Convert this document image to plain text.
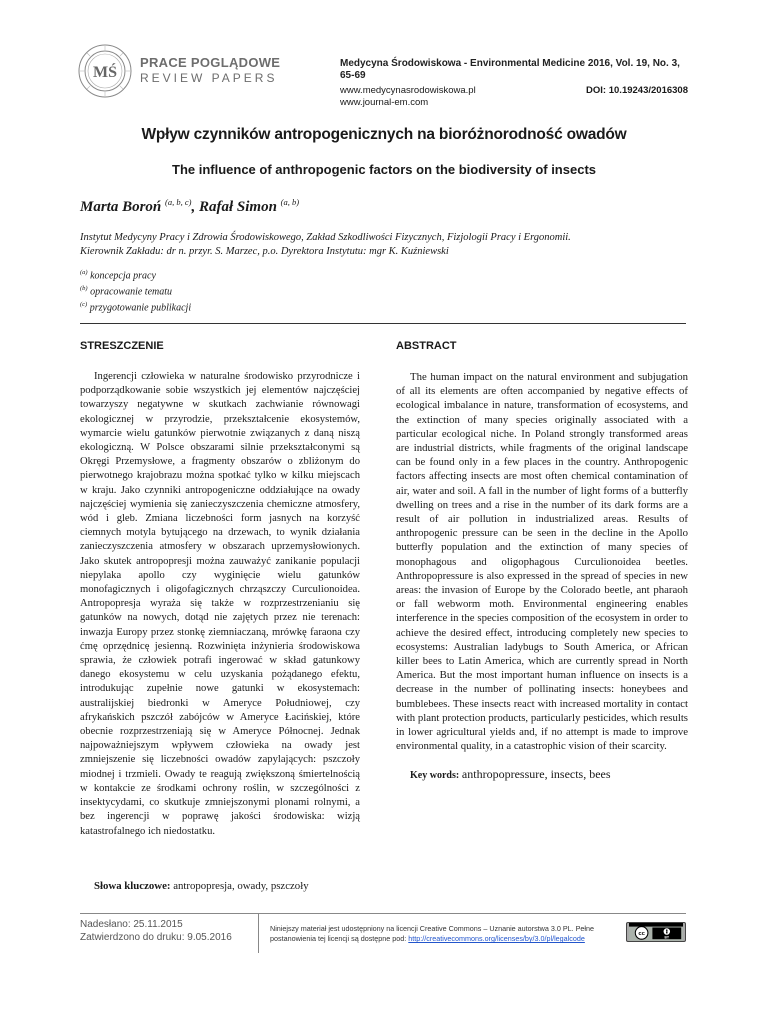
MŚ
PRACE POGLĄDOWE
REVIEW PAPERS
Medycyna Środowiskowa - Environmental Medicine 2016, Vol. 19, No. 3, 65-69
www.medycynasrodowiskowa.pl	DOI: 10.19243/2016308
www.journal-em.com
Wpływ czynników antropogenicznych na bioróżnorodność owadów
The influence of anthropogenic factors on the biodiversity of insects
Marta Boroń $^{(a, b, c)}$, Rafał Simon $^{(a, b)}$
Instytut Medycyny Pracy i Zdrowia Środowiskowego, Zakład Szkodliwości Fizycznych, Fizjologii Pracy i Ergonomii.
Kierownik Zakładu: dr n. przyr. S. Marzec, p.o. Dyrektora Instytutu: mgr K. Kuźniewski
$^{(a)}$ koncepcja pracy
$^{(b)}$ opracowanie tematu
$^{(c)}$ przygotowanie publikacji
STRESZCZENIE

Ingerencji człowieka w naturalne środowisko przyrodnicze i podporządkowanie sobie wszystkich jej elementów najczęściej towarzyszy negatywne w skutkach zachwianie równowagi ekologicznej w przyrodzie, przekształcenie ekosystemów, wymarcie wielu gatunków pierwotnie związanych z daną niszą ekologiczną. W Polsce obszarami silnie przekształconymi są Okręgi Przemysłowe, a fragmenty obszarów o zbliżonym do pierwotnego krajobrazu można spotkać tylko w kilku miejscach w kraju. Jako czynniki antropogeniczne oddziałujące na owady najczęściej wymienia się zanieczyszczenia chemiczne atmosfery, wód i gleb. Zmiana liczebności form jasnych na korzyść ciemnych motyla bytującego na drzewach, to wynik działania zanieczyszczenia atmosfery w obszarach uprzemysłowionych. Jako skutek antropopresji można zauważyć zanikanie populacji niepylaka apollo czy wyginięcie wielu gatunków monofagicznych i oligofagicznych chrząszczy Curculionoidea. Antropopresja wyraża się także w rozprzestrzenianiu się gatunków na nowych, dotąd nie zajętych przez nie terenach: inwazja Europy przez stonkę ziemniaczaną, mrówkę faraona czy ćmę oprzędnicę jesienną. Rozwinięta inżynieria środowiskowa sprawia, że człowiek potrafi ingerować w skład gatunkowy danego ekosystemu w celu uzyskania pożądanego efektu, introdukując zupełnie nowe gatunki w ekosystemach: australijskiej biedronki w Ameryce Południowej, czy afrykańskich pszczół zabójców w Ameryce Łacińskiej, które obecnie rozprzestrzeniają się w Ameryce Północnej. Jednak najpoważniejszym wpływem człowieka na owady jest zmniejszenie się liczebności owadów zapylających: pszczoły miodnej i trzmieli. Owady te reagują zwiększoną śmiertelnością w kontakcie ze środkami ochrony roślin, w szczególności z insektycydami, co skutkuje zmniejszonymi plonami rolnymi, a bez ingerencji w poprawę jakości środowiska: wizją katastrofalnego ich niedostatku.

ABSTRACT

The human impact on the natural environment and subjugation of all its elements are often accompanied by negative effects of ecological imbalance in nature, transformation of ecosystems, and the extinction of many species originally associated with a particular ecological niche. In Poland strongly transformed areas are industrial districts, while fragments of the original landscape can be found only in a few places in the country. Anthropogenic factors affecting insects are most often chemical contamination of air, water and soil. A fall in the number of light forms of a butterfly dwelling on trees and a rise in the number of its dark forms are a result of air pollution in industrialized areas. Results of anthropogenic pressure can be seen in the decline in the Apollo butterfly population and the extinction of many species of monophagous and oligophagous Curculionoidea beetles. Anthropopressure is also expressed in the spread of species in new areas: the invasion of Europe by the Colorado beetle, ant pharaoh or fall webworm moth. Environmental engineering enables interference in the species composition of the ecosystem in order to achieve the desired effect, introducing completely new species to ecosystems: Australian ladybugs to South America, or African killer bees to Latin America, which are currently spread in North America. But the most important human influence on insects is a decrease in the number of pollinating insects: honeybees and bumblebees. These insects react with increased mortality in contact with plant protection products, particularly pesticides, which results in lower agricultural yields and, if no attempt is made to improve environmental quality, in a catastrophic vision of their scarcity.

Key words: anthropopressure, insects, bees
Słowa kluczowe: antropopresja, owady, pszczoły
Nadesłano: 25.11.2015
Zatwierdzono do druku: 9.05.2016
Niniejszy materiał jest udostępniony na licencji Creative Commons – Uznanie autorstwa 3.0 PL. Pełne postanowienia tej licencji są dostępne pod: http://creativecommons.org/licenses/by/3.0/pl/legalcode	cc
BY
